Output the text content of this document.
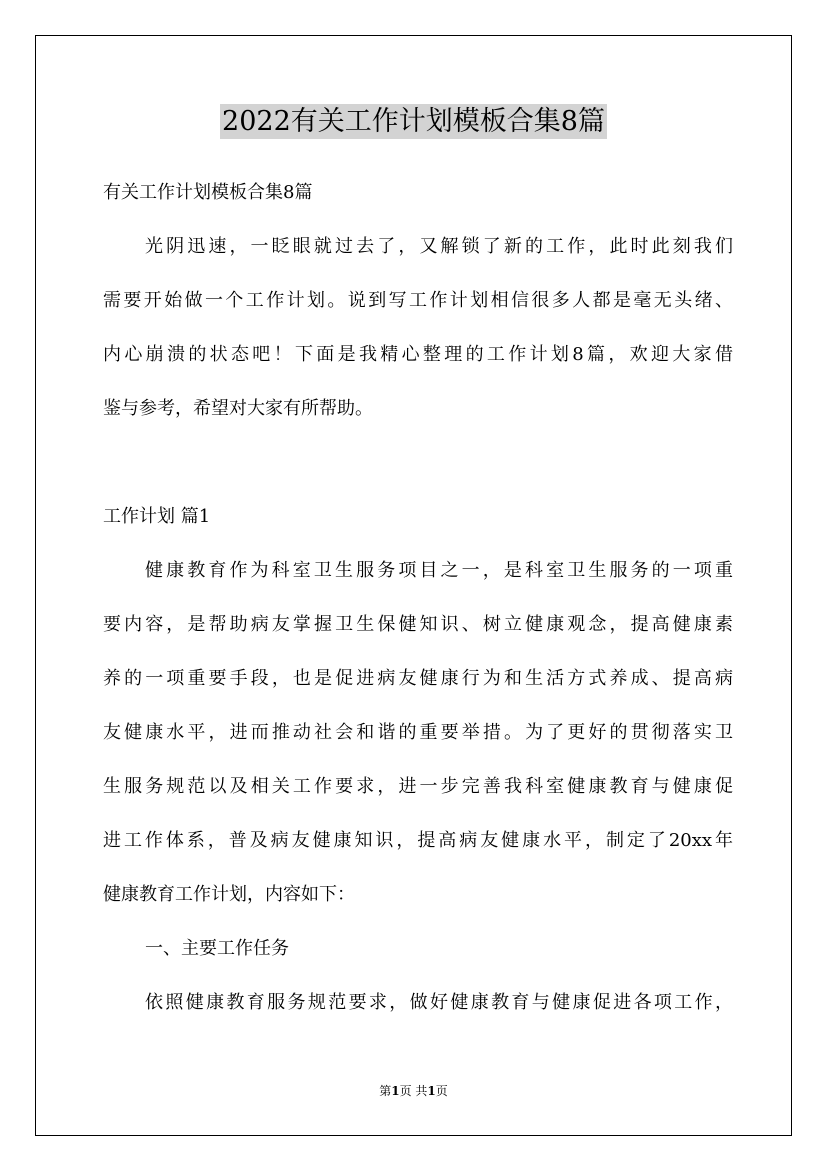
2022有关工作计划模板合集8篇
有关工作计划模板合集8篇
光阴迅速，一眨眼就过去了，又解锁了新的工作，此时此刻我们
需要开始做一个工作计划。说到写工作计划相信很多人都是毫无头绪、
内心崩溃的状态吧！下面是我精心整理的工作计划8篇，欢迎大家借
鉴与参考，希望对大家有所帮助。
工作计划 篇1
健康教育作为科室卫生服务项目之一，是科室卫生服务的一项重
要内容，是帮助病友掌握卫生保健知识、树立健康观念，提高健康素
养的一项重要手段，也是促进病友健康行为和生活方式养成、提高病
友健康水平，进而推动社会和谐的重要举措。为了更好的贯彻落实卫
生服务规范以及相关工作要求，进一步完善我科室健康教育与健康促
进工作体系，普及病友健康知识，提高病友健康水平，制定了20xx年
健康教育工作计划，内容如下：
一、主要工作任务
依照健康教育服务规范要求，做好健康教育与健康促进各项工作，
第1页 共1页
